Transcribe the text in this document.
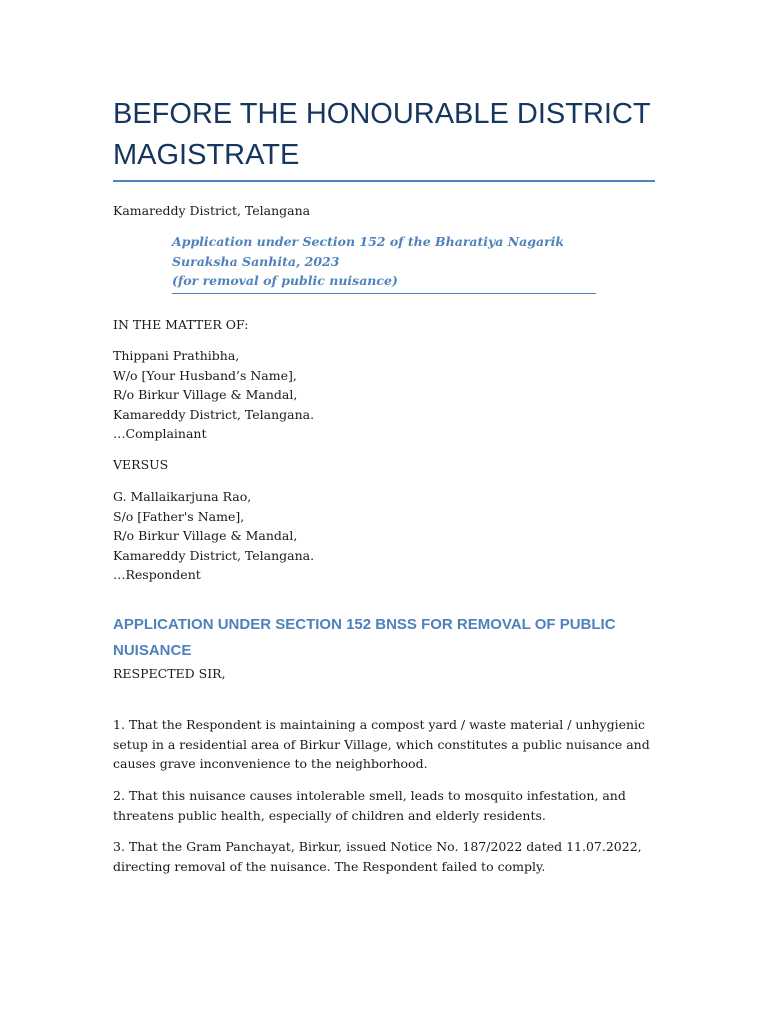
BEFORE THE HONOURABLE DISTRICT MAGISTRATE
Kamareddy District, Telangana
Application under Section 152 of the Bharatiya Nagarik Suraksha Sanhita, 2023
(for removal of public nuisance)
IN THE MATTER OF:
Thippani Prathibha,
W/o [Your Husband’s Name],
R/o Birkur Village & Mandal,
Kamareddy District, Telangana.
…Complainant
VERSUS
G. Mallaikarjuna Rao,
S/o [Father's Name],
R/o Birkur Village & Mandal,
Kamareddy District, Telangana.
…Respondent
APPLICATION UNDER SECTION 152 BNSS FOR REMOVAL OF PUBLIC NUISANCE
RESPECTED SIR,
1. That the Respondent is maintaining a compost yard / waste material / unhygienic setup in a residential area of Birkur Village, which constitutes a public nuisance and causes grave inconvenience to the neighborhood.
2. That this nuisance causes intolerable smell, leads to mosquito infestation, and threatens public health, especially of children and elderly residents.
3. That the Gram Panchayat, Birkur, issued Notice No. 187/2022 dated 11.07.2022, directing removal of the nuisance. The Respondent failed to comply.
